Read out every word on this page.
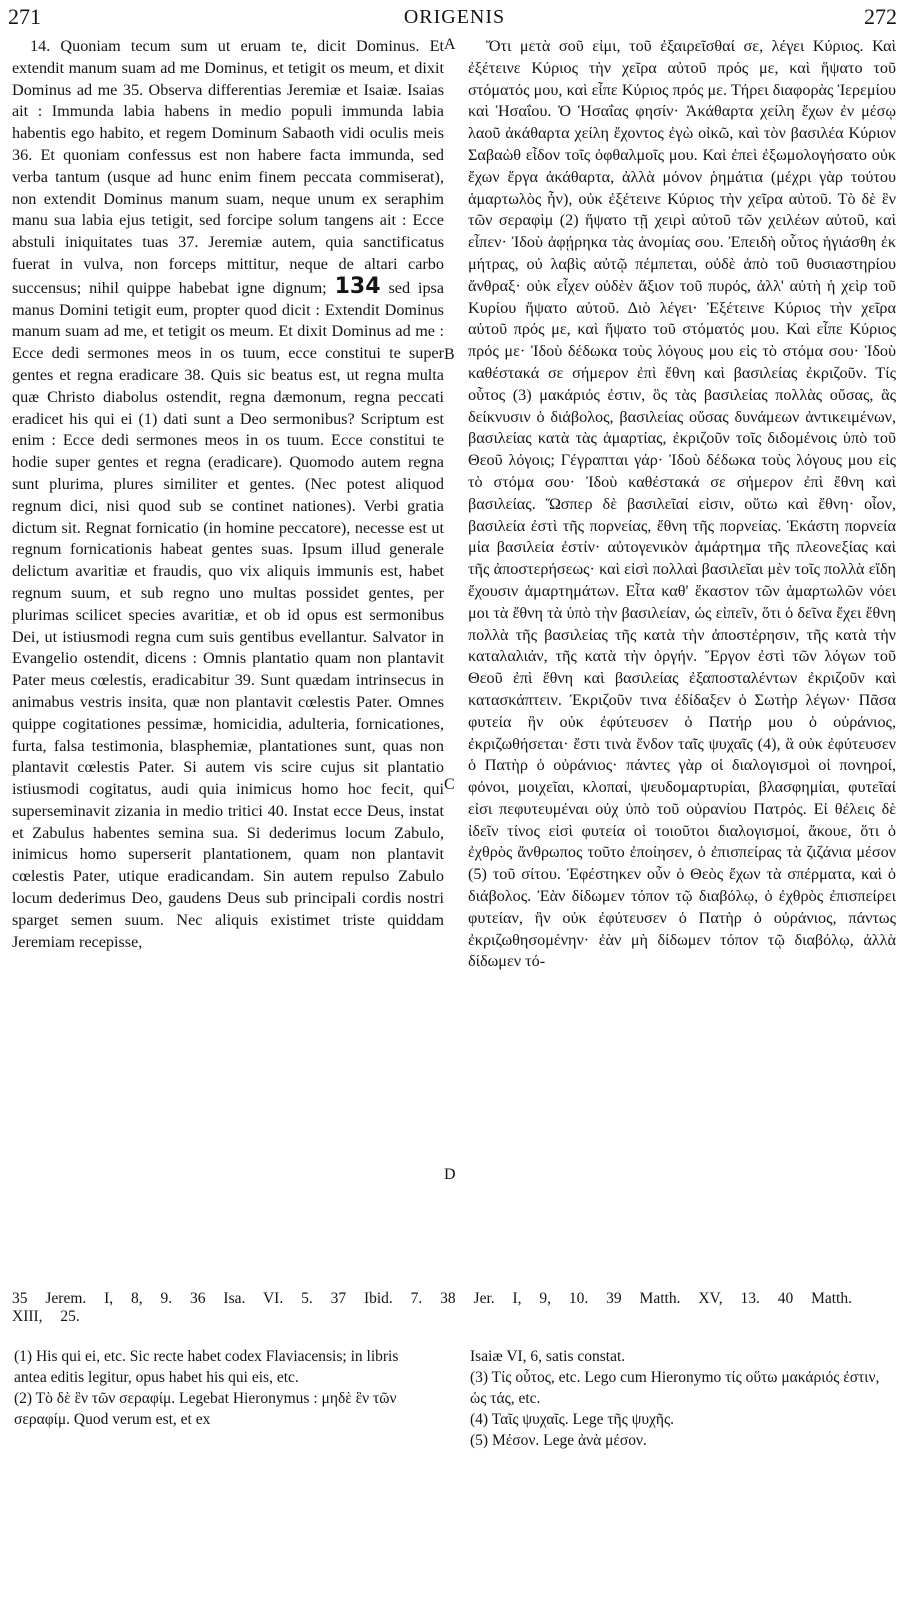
271	ORIGENIS	272

14. Quoniam tecum sum ut eruam te, dicit Dominus. Et extendit manum suam ad me Dominus, et tetigit os meum, et dixit Dominus ad me 35. Observa differentias Jeremiæ et Isaiæ. Isaias ait : Immunda labia habens in medio populi immunda labia habentis ego habito, et regem Dominum Sabaoth vidi oculis meis 36. Et quoniam confessus est non habere facta immunda, sed verba tantum (usque ad hunc enim finem peccata commiserat), non extendit Dominus manum suam, neque unum ex seraphim manu sua labia ejus tetigit, sed forcipe solum tangens ait : Ecce abstuli iniquitates tuas 37. Jeremiæ autem, quia sanctificatus fuerat in vulva, non forceps mittitur, neque de altari carbo succensus; nihil quippe habebat igne dignum; 134 sed ipsa manus Domini tetigit eum, propter quod dicit : Extendit Dominus manum suam ad me, et tetigit os meum. Et dixit Dominus ad me : Ecce dedi sermones meos in os tuum, ecce constitui te super gentes et regna eradicare 38. Quis sic beatus est, ut regna multa quæ Christo diabolus ostendit, regna dæmonum, regna peccati eradicet his qui ei (1) dati sunt a Deo sermonibus? Scriptum est enim : Ecce dedi sermones meos in os tuum. Ecce constitui te hodie super gentes et regna (eradicare). Quomodo autem regna sunt plurima, plures similiter et gentes. (Nec potest aliquod regnum dici, nisi quod sub se continet nationes). Verbi gratia dictum sit. Regnat fornicatio (in homine peccatore), necesse est ut regnum fornicationis habeat gentes suas. Ipsum illud generale delictum avaritiæ et fraudis, quo vix aliquis immunis est, habet regnum suum, et sub regno uno multas possidet gentes, per plurimas scilicet species avaritiæ, et ob id opus est sermonibus Dei, ut istiusmodi regna cum suis gentibus evellantur. Salvator in Evangelio ostendit, dicens : Omnis plantatio quam non plantavit Pater meus cœlestis, eradicabitur 39. Sunt quædam intrinsecus in animabus vestris insita, quæ non plantavit cœlestis Pater. Omnes quippe cogitationes pessimæ, homicidia, adulteria, fornicationes, furta, falsa testimonia, blasphemiæ, plantationes sunt, quas non plantavit cœlestis Pater. Si autem vis scire cujus sit plantatio istiusmodi cogitatus, audi quia inimicus homo hoc fecit, qui superseminavit zizania in medio tritici 40. Instat ecce Deus, instat et Zabulus habentes semina sua. Si dederimus locum Zabulo, inimicus homo superserit plantationem, quam non plantavit cœlestis Pater, utique eradicandam. Sin autem repulso Zabulo locum dederimus Deo, gaudens Deus sub principali cordis nostri sparget semen suum. Nec aliquis existimet triste quiddam Jeremiam recepisse,

A
B
C
D

Ὅτι μετὰ σοῦ εἰμι, τοῦ ἐξαιρεῖσθαί σε, λέγει Κύριος. Καὶ ἐξέτεινε Κύριος τὴν χεῖρα αὐτοῦ πρός με, καὶ ἥψατο τοῦ στόματός μου, καὶ εἶπε Κύριος πρός με. Τήρει διαφορὰς Ἱερεμίου καὶ Ἡσαΐου. Ὁ Ἡσαΐας φησίν· Ἀκάθαρτα χείλη ἔχων ἐν μέσῳ λαοῦ ἀκάθαρτα χείλη ἔχοντος ἐγὼ οἰκῶ, καὶ τὸν βασιλέα Κύριον Σαβαὼθ εἶδον τοῖς ὀφθαλμοῖς μου. Καὶ ἐπεὶ ἐξωμολογήσατο οὐκ ἔχων ἔργα ἀκάθαρτα, ἀλλὰ μόνον ῥημάτια (μέχρι γὰρ τούτου ἁμαρτωλὸς ἦν), οὐκ ἐξέτεινε Κύριος τὴν χεῖρα αὐτοῦ. Τὸ δὲ ἓν τῶν σεραφὶμ (2) ἥψατο τῇ χειρὶ αὐτοῦ τῶν χειλέων αὐτοῦ, καὶ εἶπεν· Ἰδοὺ ἀφῄρηκα τὰς ἀνομίας σου. Ἐπειδὴ οὗτος ἡγιάσθη ἐκ μήτρας, οὐ λαβὶς αὐτῷ πέμπεται, οὐδὲ ἀπὸ τοῦ θυσιαστηρίου ἄνθραξ· οὐκ εἶχεν οὐδὲν ἄξιον τοῦ πυρός, ἀλλ' αὐτὴ ἡ χεὶρ τοῦ Κυρίου ἥψατο αὐτοῦ. Διὸ λέγει· Ἐξέτεινε Κύριος τὴν χεῖρα αὐτοῦ πρός με, καὶ ἥψατο τοῦ στόματός μου. Καὶ εἶπε Κύριος πρός με· Ἰδοὺ δέδωκα τοὺς λόγους μου εἰς τὸ στόμα σου· Ἰδοὺ καθέστακά σε σήμερον ἐπὶ ἔθνη καὶ βασιλείας ἐκριζοῦν. Τίς οὗτος (3) μακάριός ἐστιν, ὃς τὰς βασιλείας πολλὰς οὔσας, ἃς δείκνυσιν ὁ διάβολος, βασιλείας οὔσας δυνάμεων ἀντικειμένων, βασιλείας κατὰ τὰς ἁμαρτίας, ἐκριζοῦν τοῖς διδομένοις ὑπὸ τοῦ Θεοῦ λόγοις; Γέγραπται γάρ· Ἰδοὺ δέδωκα τοὺς λόγους μου εἰς τὸ στόμα σου· Ἰδοὺ καθέστακά σε σήμερον ἐπὶ ἔθνη καὶ βασιλείας. Ὥσπερ δὲ βασιλεῖαί εἰσιν, οὕτω καὶ ἔθνη· οἷον, βασιλεία ἐστὶ τῆς πορνείας, ἔθνη τῆς πορνείας. Ἑκάστη πορνεία μία βασιλεία ἐστίν· αὐτογενικὸν ἁμάρτημα τῆς πλεονεξίας καὶ τῆς ἀποστερήσεως· καὶ εἰσὶ πολλαὶ βασιλεῖαι μὲν τοῖς πολλὰ εἴδη ἔχουσιν ἁμαρτημάτων. Εἶτα καθ' ἕκαστον τῶν ἁμαρτωλῶν νόει μοι τὰ ἔθνη τὰ ὑπὸ τὴν βασιλείαν, ὡς εἰπεῖν, ὅτι ὁ δεῖνα ἔχει ἔθνη πολλὰ τῆς βασιλείας τῆς κατὰ τὴν ἀποστέρησιν, τῆς κατὰ τὴν καταλαλιάν, τῆς κατὰ τὴν ὀργήν. Ἔργον ἐστὶ τῶν λόγων τοῦ Θεοῦ ἐπὶ ἔθνη καὶ βασιλείας ἐξαποσταλέντων ἐκριζοῦν καὶ κατασκάπτειν. Ἐκριζοῦν τινα ἐδίδαξεν ὁ Σωτὴρ λέγων· Πᾶσα φυτεία ἣν οὐκ ἐφύτευσεν ὁ Πατήρ μου ὁ οὐράνιος, ἐκριζωθήσεται· ἔστι τινὰ ἔνδον ταῖς ψυχαῖς (4), ἃ οὐκ ἐφύτευσεν ὁ Πατὴρ ὁ οὐράνιος· πάντες γὰρ οἱ διαλογισμοὶ οἱ πονηροί, φόνοι, μοιχεῖαι, κλοπαί, ψευδομαρτυρίαι, βλασφημίαι, φυτεῖαί εἰσι πεφυτευμέναι οὐχ ὑπὸ τοῦ οὐρανίου Πατρός. Εἰ θέλεις δὲ ἰδεῖν τίνος εἰσὶ φυτεία οἱ τοιοῦτοι διαλογισμοί, ἄκουε, ὅτι ὁ ἐχθρὸς ἄνθρωπος τοῦτο ἐποίησεν, ὁ ἐπισπείρας τὰ ζιζάνια μέσον (5) τοῦ σίτου. Ἐφέστηκεν οὖν ὁ Θεὸς ἔχων τὰ σπέρματα, καὶ ὁ διάβολος. Ἐὰν δίδωμεν τόπον τῷ διαβόλῳ, ὁ ἐχθρὸς ἐπισπείρει φυτείαν, ἣν οὐκ ἐφύτευσεν ὁ Πατὴρ ὁ οὐράνιος, πάντως ἐκριζωθησομένην· ἐὰν μὴ δίδωμεν τόπον τῷ διαβόλῳ, ἀλλὰ δίδωμεν τό-

35 Jerem. I, 8, 9. 36 Isa. VI. 5. 37 Ibid. 7. 38 Jer. I, 9, 10. 39 Matth. XV, 13. 40 Matth. XIII, 25.
(1) His qui ei, etc. Sic recte habet codex Flaviacensis; in libris antea editis legitur, opus habet his qui eis, etc.
(2) Τὸ δὲ ἓν τῶν σεραφίμ. Legebat Hieronymus : μηδὲ ἓν τῶν σεραφίμ. Quod verum est, et ex
Isaiæ VI, 6, satis constat.
(3) Τίς οὗτος, etc. Lego cum Hieronymo τίς οὕτω μακάριός ἐστιν, ὡς τάς, etc.
(4) Ταῖς ψυχαῖς. Lege τῆς ψυχῆς.
(5) Μέσον. Lege ἀνὰ μέσον.
